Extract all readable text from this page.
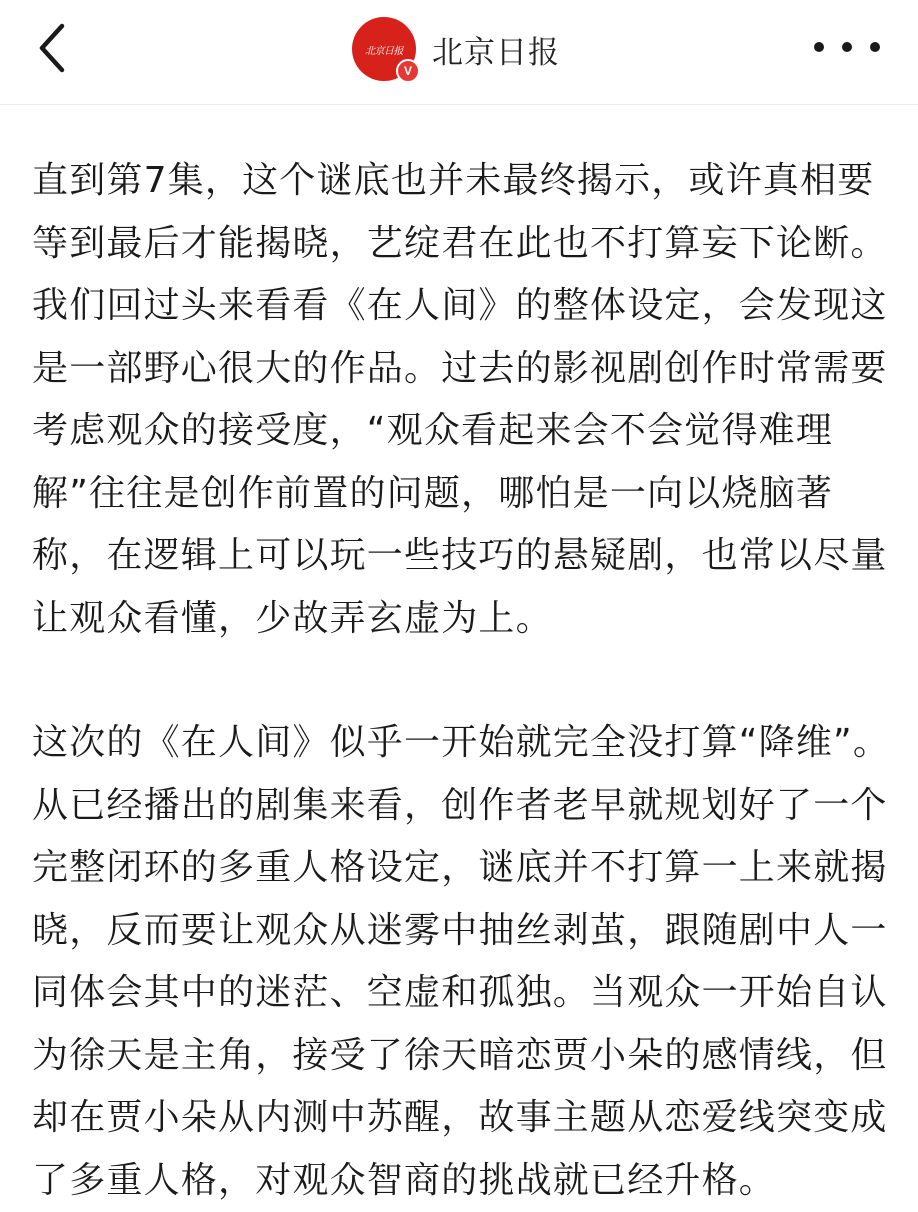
北京日报
V
北京日报

直到第7集，这个谜底也并未最终揭示，或许真相要等到最后才能揭晓，艺绽君在此也不打算妄下论断。我们回过头来看看《在人间》的整体设定，会发现这是一部野心很大的作品。过去的影视剧创作时常需要考虑观众的接受度，“观众看起来会不会觉得难理解”往往是创作前置的问题，哪怕是一向以烧脑著称，在逻辑上可以玩一些技巧的悬疑剧，也常以尽量让观众看懂，少故弄玄虚为上。

这次的《在人间》似乎一开始就完全没打算“降维”。从已经播出的剧集来看，创作者老早就规划好了一个完整闭环的多重人格设定，谜底并不打算一上来就揭晓，反而要让观众从迷雾中抽丝剥茧，跟随剧中人一同体会其中的迷茫、空虚和孤独。当观众一开始自认为徐天是主角，接受了徐天暗恋贾小朵的感情线，但却在贾小朵从内测中苏醒，故事主题从恋爱线突变成了多重人格，对观众智商的挑战就已经升格。
